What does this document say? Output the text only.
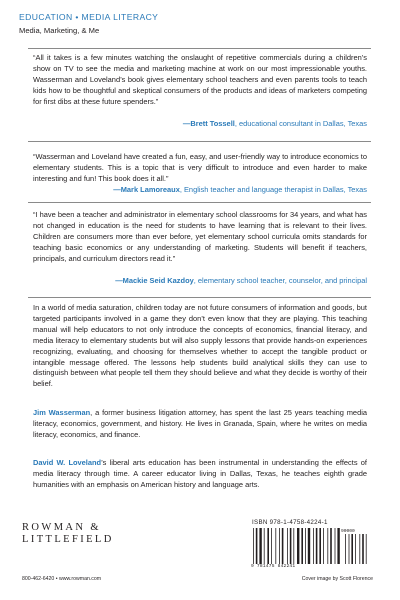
EDUCATION • MEDIA LITERACY
Media, Marketing, & Me

“All it takes is a few minutes watching the onslaught of repetitive commercials during a children’s show on TV to see the media and marketing machine at work on our most impressionable youths. Wasserman and Loveland’s book gives elementary school teachers and even parents tools to teach kids how to be thoughtful and skeptical consumers of the products and ideas of marketers competing for first dibs at these future spenders.”

—Brett Tossell, educational consultant in Dallas, Texas

“Wasserman and Loveland have created a fun, easy, and user-friendly way to introduce economics to elementary students. This is a topic that is very difficult to introduce and even harder to make interesting and fun! This book does it all.”

—Mark Lamoreaux, English teacher and language therapist in Dallas, Texas

“I have been a teacher and administrator in elementary school classrooms for 34 years, and what has not changed in education is the need for students to have learning that is relevant to their lives. Children are consumers more than ever before, yet elementary school curricula omits standards for teaching basic economics or any understanding of marketing. Students will benefit if teachers, principals, and curriculum directors read it.”

—Mackie Seid Kazdoy, elementary school teacher, counselor, and principal
In a world of media saturation, children today are not future consumers of information and goods, but targeted participants involved in a game they don’t even know that they are playing. This teaching manual will help educators to not only introduce the concepts of economics, financial literacy, and media literacy to elementary students but will also supply lessons that provide hands-on experiences recognizing, evaluating, and choosing for themselves whether to accept the tangible product or intangible message offered. The lessons help students build analytical skills they can use to distinguish between what people tell them they should believe and what they decide is worthy of their belief.
Jim Wasserman, a former business litigation attorney, has spent the last 25 years teaching media literacy, economics, government, and history. He lives in Granada, Spain, where he writes on media literacy, economics, and finance.
David W. Loveland’s liberal arts education has been instrumental in understanding the effects of media literacy through time. A career educator living in Dallas, Texas, he teaches eighth grade humanities with an emphasis on American history and language arts.
ROWMAN &
LITTLEFIELD
800-462-6420 • www.rowman.com
ISBN 978-1-4758-4224-1
90000
9 781475 842241
Cover image by Scott Florence
